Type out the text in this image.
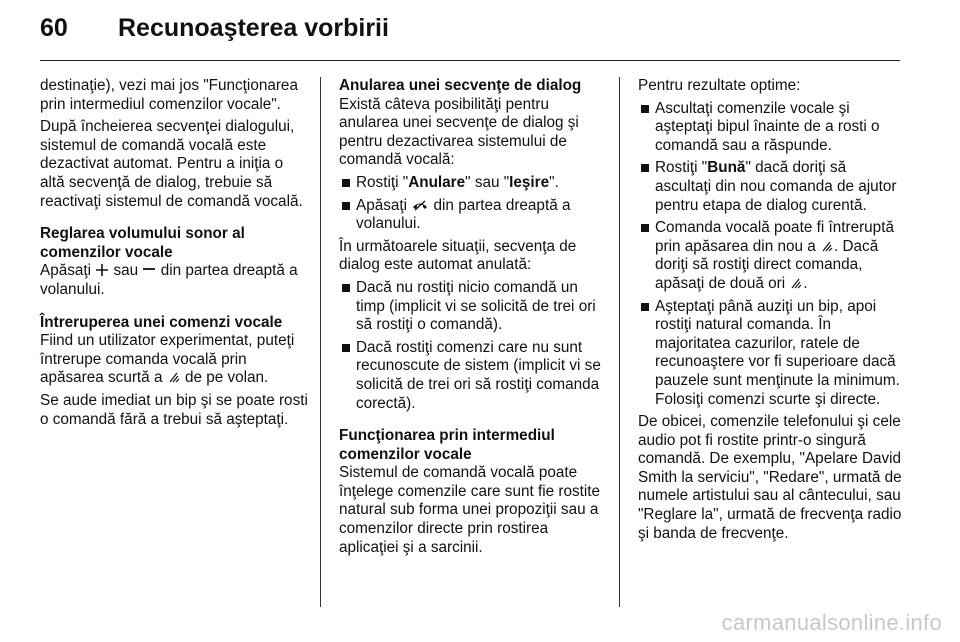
60	Recunoaşterea vorbirii

destinaţie), vezi mai jos "Funcţionarea prin intermediul comenzilor vocale".

După încheierea secvenţei dialogului, sistemul de comandă vocală este dezactivat automat. Pentru a iniţia o altă secvenţă de dialog, trebuie să reactivaţi sistemul de comandă vocală.

Reglarea volumului sonor al comenzilor vocale

Apăsaţi  sau  din partea dreaptă a volanului.

Întreruperea unei comenzi vocale

Fiind un utilizator experimentat, puteţi întrerupe comanda vocală prin apăsarea scurtă a  de pe volan.

Se aude imediat un bip şi se poate rosti o comandă fără a trebui să aşteptaţi.

Anularea unei secvenţe de dialog

Există câteva posibilităţi pentru anularea unei secvenţe de dialog şi pentru dezactivarea sistemului de comandă vocală:

Rostiţi "Anulare" sau "Ieşire".
Apăsaţi  din partea dreaptă a volanului.

În următoarele situaţii, secvenţa de dialog este automat anulată:

Dacă nu rostiţi nicio comandă un timp (implicit vi se solicită de trei ori să rostiţi o comandă).
Dacă rostiţi comenzi care nu sunt recunoscute de sistem (implicit vi se solicită de trei ori să rostiţi comanda corectă).

Funcţionarea prin intermediul comenzilor vocale

Sistemul de comandă vocală poate înţelege comenzile care sunt fie rostite natural sub forma unei propoziţii sau a comenzilor directe prin rostirea aplicaţiei şi a sarcinii.

Pentru rezultate optime:

Ascultaţi comenzile vocale şi aşteptaţi bipul înainte de a rosti o comandă sau a răspunde.
Rostiţi "Bună" dacă doriţi să ascultaţi din nou comanda de ajutor pentru etapa de dialog curentă.
Comanda vocală poate fi întreruptă prin apăsarea din nou a . Dacă doriţi să rostiţi direct comanda, apăsaţi de două ori .
Aşteptaţi până auziţi un bip, apoi rostiţi natural comanda. În majoritatea cazurilor, ratele de recunoaştere vor fi superioare dacă pauzele sunt menţinute la minimum. Folosiţi comenzi scurte şi directe.

De obicei, comenzile telefonului şi cele audio pot fi rostite printr-o singură comandă. De exemplu, "Apelare David Smith la serviciu", "Redare", urmată de numele artistului sau al cântecului, sau "Reglare la", urmată de frecvenţa radio şi banda de frecvenţe.

carmanualsonline.info
